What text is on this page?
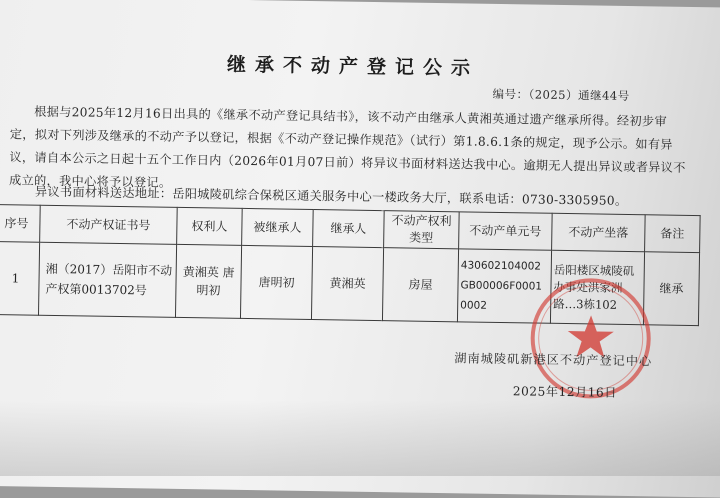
继承不动产登记公示
编号：（2025）通继44号
根据与2025年12月16日出具的《继承不动产登记具结书》，该不动产由继承人黄湘英通过遗产继承所得。经初步审定，拟对下列涉及继承的不动产予以登记，根据《不动产登记操作规范》（试行）第1.8.6.1条的规定，现予公示。如有异议，请自本公示之日起十五个工作日内（2026年01月07日前）将异议书面材料送达我中心。逾期无人提出异议或者异议不成立的，我中心将予以登记。
异议书面材料送达地址：岳阳城陵矶综合保税区通关服务中心一楼政务大厅，联系电话：0730-3305950。
序号	不动产权证书号	权利人	被继承人	继承人	不动产权利类型	不动产单元号	不动产坐落	备注
1	湘（2017）岳阳市不动产权第0013702号	黄湘英 唐明初	唐明初	黄湘英	房屋	430602104002GB00006F00010002	岳阳楼区城陵矶办事处洪家洲路…3栋102	继承
湖南城陵矶新港区不动产登记中心
2025年12月16日
